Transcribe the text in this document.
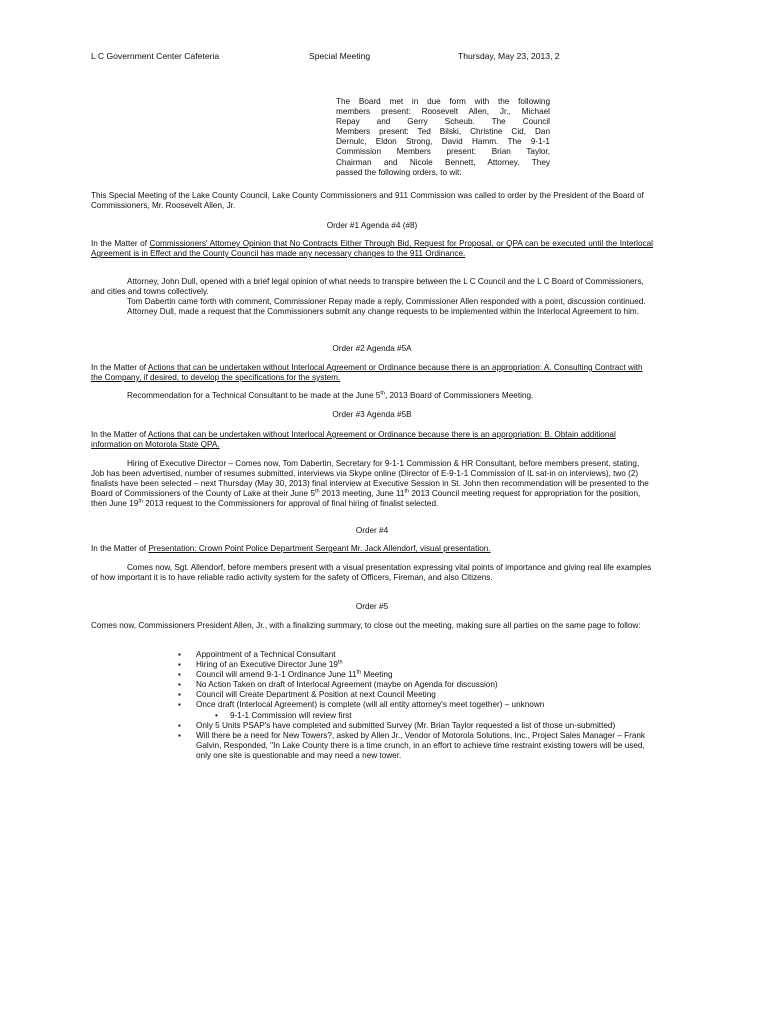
L C Government Center Cafeteria	Special Meeting	Thursday, May 23, 2013, 2
The Board met in due form with the following
members present: Roosevelt Allen, Jr., Michael
Repay and Gerry Scheub. The Council
Members present: Ted Bilski, Christine Cid, Dan
Dernulc, Eldon Strong, David Hamm. The 9-1-1
Commission Members present: Brian Taylor,
Chairman and Nicole Bennett, Attorney. They
passed the following orders, to wit:

This Special Meeting of the Lake County Council, Lake County Commissioners and 911 Commission was called to order by the President of the Board of Commissioners, Mr. Roosevelt Allen, Jr.

Order #1 Agenda #4 (#8)
In the Matter of Commissioners' Attorney Opinion that No Contracts Either Through Bid, Request for Proposal, or QPA can be executed until the Interlocal Agreement is in Effect and the County Council has made any necessary changes to the 911 Ordinance.

Attorney, John Dull, opened with a brief legal opinion of what needs to transpire between the L C Council and the L C Board of Commissioners, and cities and towns collectively.

Tom Dabertin came forth with comment, Commissioner Repay made a reply, Commissioner Allen responded with a point, discussion continued.

Attorney Dull, made a request that the Commissioners submit any change requests to be implemented within the Interlocal Agreement to him.

Order #2 Agenda #5A
In the Matter of Actions that can be undertaken without Interlocal Agreement or Ordinance because there is an appropriation: A. Consulting Contract with the Company, if desired, to develop the specifications for the system.

Recommendation for a Technical Consultant to be made at the June 5th, 2013 Board of Commissioners Meeting.

Order #3 Agenda #5B
In the Matter of Actions that can be undertaken without Interlocal Agreement or Ordinance because there is an appropriation: B. Obtain additional information on Motorola State QPA.

Hiring of Executive Director – Comes now, Tom Dabertin, Secretary for 9-1-1 Commission & HR Consultant, before members present, stating, Job has been advertised, number of resumes submitted, interviews via Skype online (Director of E-9-1-1 Commission of IL sat-in on interviews), two (2) finalists have been selected – next Thursday (May 30, 2013) final interview at Executive Session in St. John then recommendation will be presented to the Board of Commissioners of the County of Lake at their June 5th 2013 meeting, June 11th 2013 Council meeting request for appropriation for the position, then June 19th 2013 request to the Commissioners for approval of final hiring of finalist selected.

Order #4
In the Matter of Presentation: Crown Point Police Department Sergeant Mr. Jack Allendorf, visual presentation.

Comes now, Sgt. Allendorf, before members present with a visual presentation expressing vital points of importance and giving real life examples of how important it is to have reliable radio activity system for the safety of Officers, Fireman, and also Citizens.

Order #5

Comes now, Commissioners President Allen, Jr., with a finalizing summary, to close out the meeting, making sure all parties on the same page to follow:

▪ Appointment of a Technical Consultant
▪ Hiring of an Executive Director June 19th
▪ Council will amend 9-1-1 Ordinance June 11th Meeting
▪ No Action Taken on draft of Interlocal Agreement (maybe on Agenda for discussion)
▪ Council will Create Department & Position at next Council Meeting
▪ Once draft (Interlocal Agreement) is complete (will all entity attorney's meet together) – unknown
• 9-1-1 Commission will review first
▪ Only 5 Units PSAP's have completed and submitted Survey (Mr. Brian Taylor requested a list of those un-submitted)
▪ Will there be a need for New Towers?, asked by Allen Jr., Vendor of Motorola Solutions, Inc., Project Sales Manager – Frank Galvin, Responded, "In Lake County there is a time crunch, in an effort to achieve time restraint existing towers will be used, only one site is questionable and may need a new tower.
